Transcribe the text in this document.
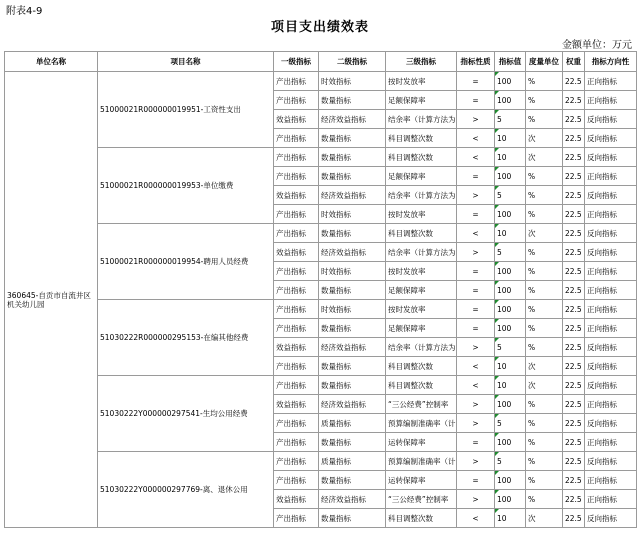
附表4-9
项目支出绩效表
金额单位：万元
单位名称	项目名称		一级指标	二级指标	三级指标	指标性质	指标值	度量单位	权重	指标方向性
360645-自贡市自流井区机关幼儿园	51000021R000000019951-工资性支出		产出指标	时效指标	按时发放率	=	100	%	22.5	正向指标
		产出指标	数量指标	足额保障率	=	100	%	22.5	正向指标
		效益指标	经济效益指标	结余率（计算方法为	>	5	%	22.5	反向指标
		产出指标	数量指标	科目调整次数	<	10	次	22.5	反向指标
	51000021R000000019953-单位缴费		产出指标	数量指标	科目调整次数	<	10	次	22.5	反向指标
		产出指标	数量指标	足额保障率	=	100	%	22.5	正向指标
		效益指标	经济效益指标	结余率（计算方法为	>	5	%	22.5	反向指标
		产出指标	时效指标	按时发放率	=	100	%	22.5	正向指标
	51000021R000000019954-聘用人员经费		产出指标	数量指标	科目调整次数	<	10	次	22.5	反向指标
		效益指标	经济效益指标	结余率（计算方法为	>	5	%	22.5	反向指标
		产出指标	时效指标	按时发放率	=	100	%	22.5	正向指标
		产出指标	数量指标	足额保障率	=	100	%	22.5	正向指标
	51030222R000000295153-在编其他经费		产出指标	时效指标	按时发放率	=	100	%	22.5	正向指标
		产出指标	数量指标	足额保障率	=	100	%	22.5	正向指标
		效益指标	经济效益指标	结余率（计算方法为	>	5	%	22.5	反向指标
		产出指标	数量指标	科目调整次数	<	10	次	22.5	反向指标
	51030222Y000000297541-生均公用经费		产出指标	数量指标	科目调整次数	<	10	次	22.5	反向指标
		效益指标	经济效益指标	“三公经费”控制率	>	100	%	22.5	正向指标
		产出指标	质量指标	预算编制准确率（计	>	5	%	22.5	反向指标
		产出指标	数量指标	运转保障率	=	100	%	22.5	正向指标
	51030222Y000000297769-离、退休公用		产出指标	质量指标	预算编制准确率（计	>	5	%	22.5	反向指标
		产出指标	数量指标	运转保障率	=	100	%	22.5	正向指标
		效益指标	经济效益指标	“三公经费”控制率	>	100	%	22.5	正向指标
		产出指标	数量指标	科目调整次数	<	10	次	22.5	反向指标
